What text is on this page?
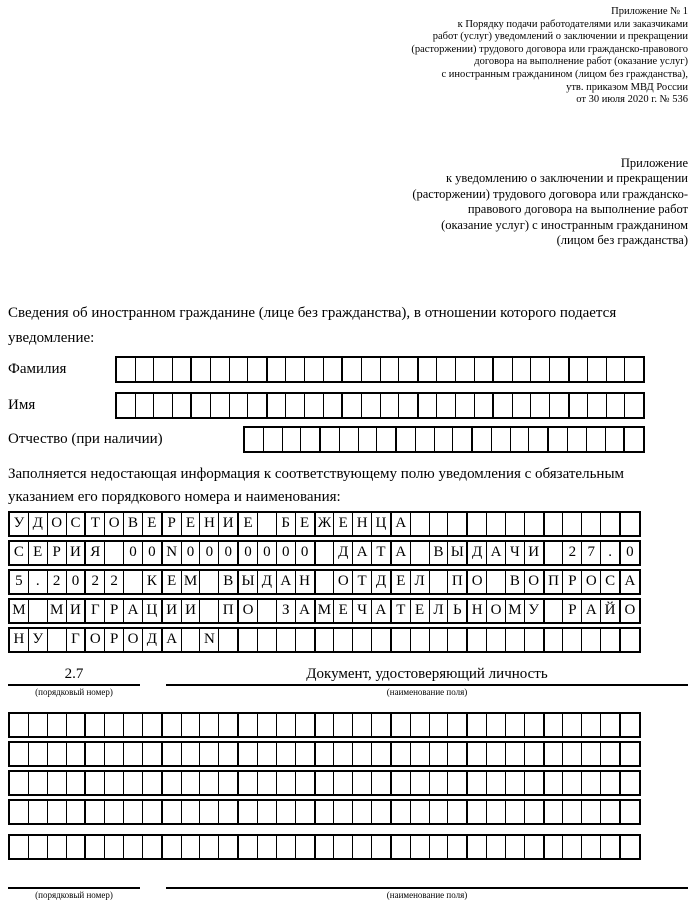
Приложение № 1
к Порядку подачи работодателями или заказчиками
работ (услуг) уведомлений о заключении и прекращении
(расторжении) трудового договора или гражданско-правового
договора на выполнение работ (оказание услуг)
с иностранным гражданином (лицом без гражданства),
утв. приказом МВД России
от 30 июля 2020 г. № 536
Приложение
к уведомлению о заключении и прекращении
(расторжении) трудового договора или гражданско-
правового договора на выполнение работ
(оказание услуг) с иностранным гражданином
(лицом без гражданства)

Сведения об иностранном гражданине (лице без гражданства), в отношении которого подается уведомление:

Фамилия
Имя
Отчество (при наличии)

Заполняется недостающая информация к соответствующему полю уведомления с обязательным указанием его порядкового номера и наименования:

У Д О С Т О В Е Р Е Н И Е	Б Е Ж Е Н Ц А
С Е Р И Я	0 0 N 0 0 0 0 0 0 0	Д А Т А	В Ы Д А Ч И	2 7 . 0
5 . 2 0 2 2	К Е М	В Ы Д А Н	О Т Д Е Л	П О	В О П Р О С А
М М И Г Р А Ц И И	П О	З А М Е Ч А Т Е Л Ь Н О М У	Р А Й О
Н У	Г О Р О Д А	N
2.7
(порядковый номер)
Документ, удостоверяющий личность
(наименование поля)
(порядковый номер)	(наименование поля)
